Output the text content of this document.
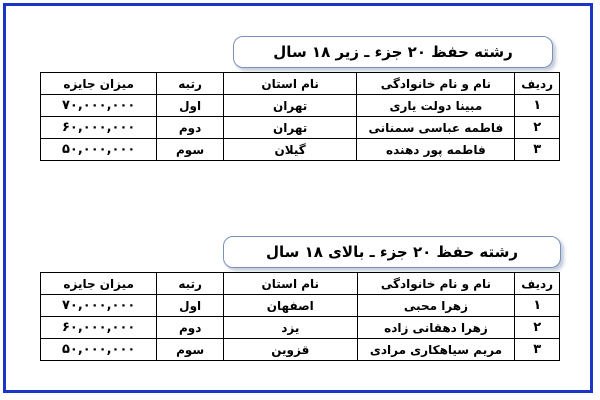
رشته حفظ ۲۰ جزء ـ زیر ۱۸ سال
ردیف	نام و نام خانوادگی	نام استان	رتبه	میزان جایزه
۱	مبینا دولت یاری	تهران	اول	۷۰,۰۰۰,۰۰۰
۲	فاطمه عباسی سمنانی	تهران	دوم	۶۰,۰۰۰,۰۰۰
۳	فاطمه پور دهنده	گیلان	سوم	۵۰,۰۰۰,۰۰۰
رشته حفظ ۲۰ جزء ـ بالای ۱۸ سال
ردیف	نام و نام خانوادگی	نام استان	رتبه	میزان جایزه
۱	زهرا محبی	اصفهان	اول	۷۰,۰۰۰,۰۰۰
۲	زهرا دهقانی زاده	یزد	دوم	۶۰,۰۰۰,۰۰۰
۳	مریم سیاهکاری مرادی	قزوین	سوم	۵۰,۰۰۰,۰۰۰
